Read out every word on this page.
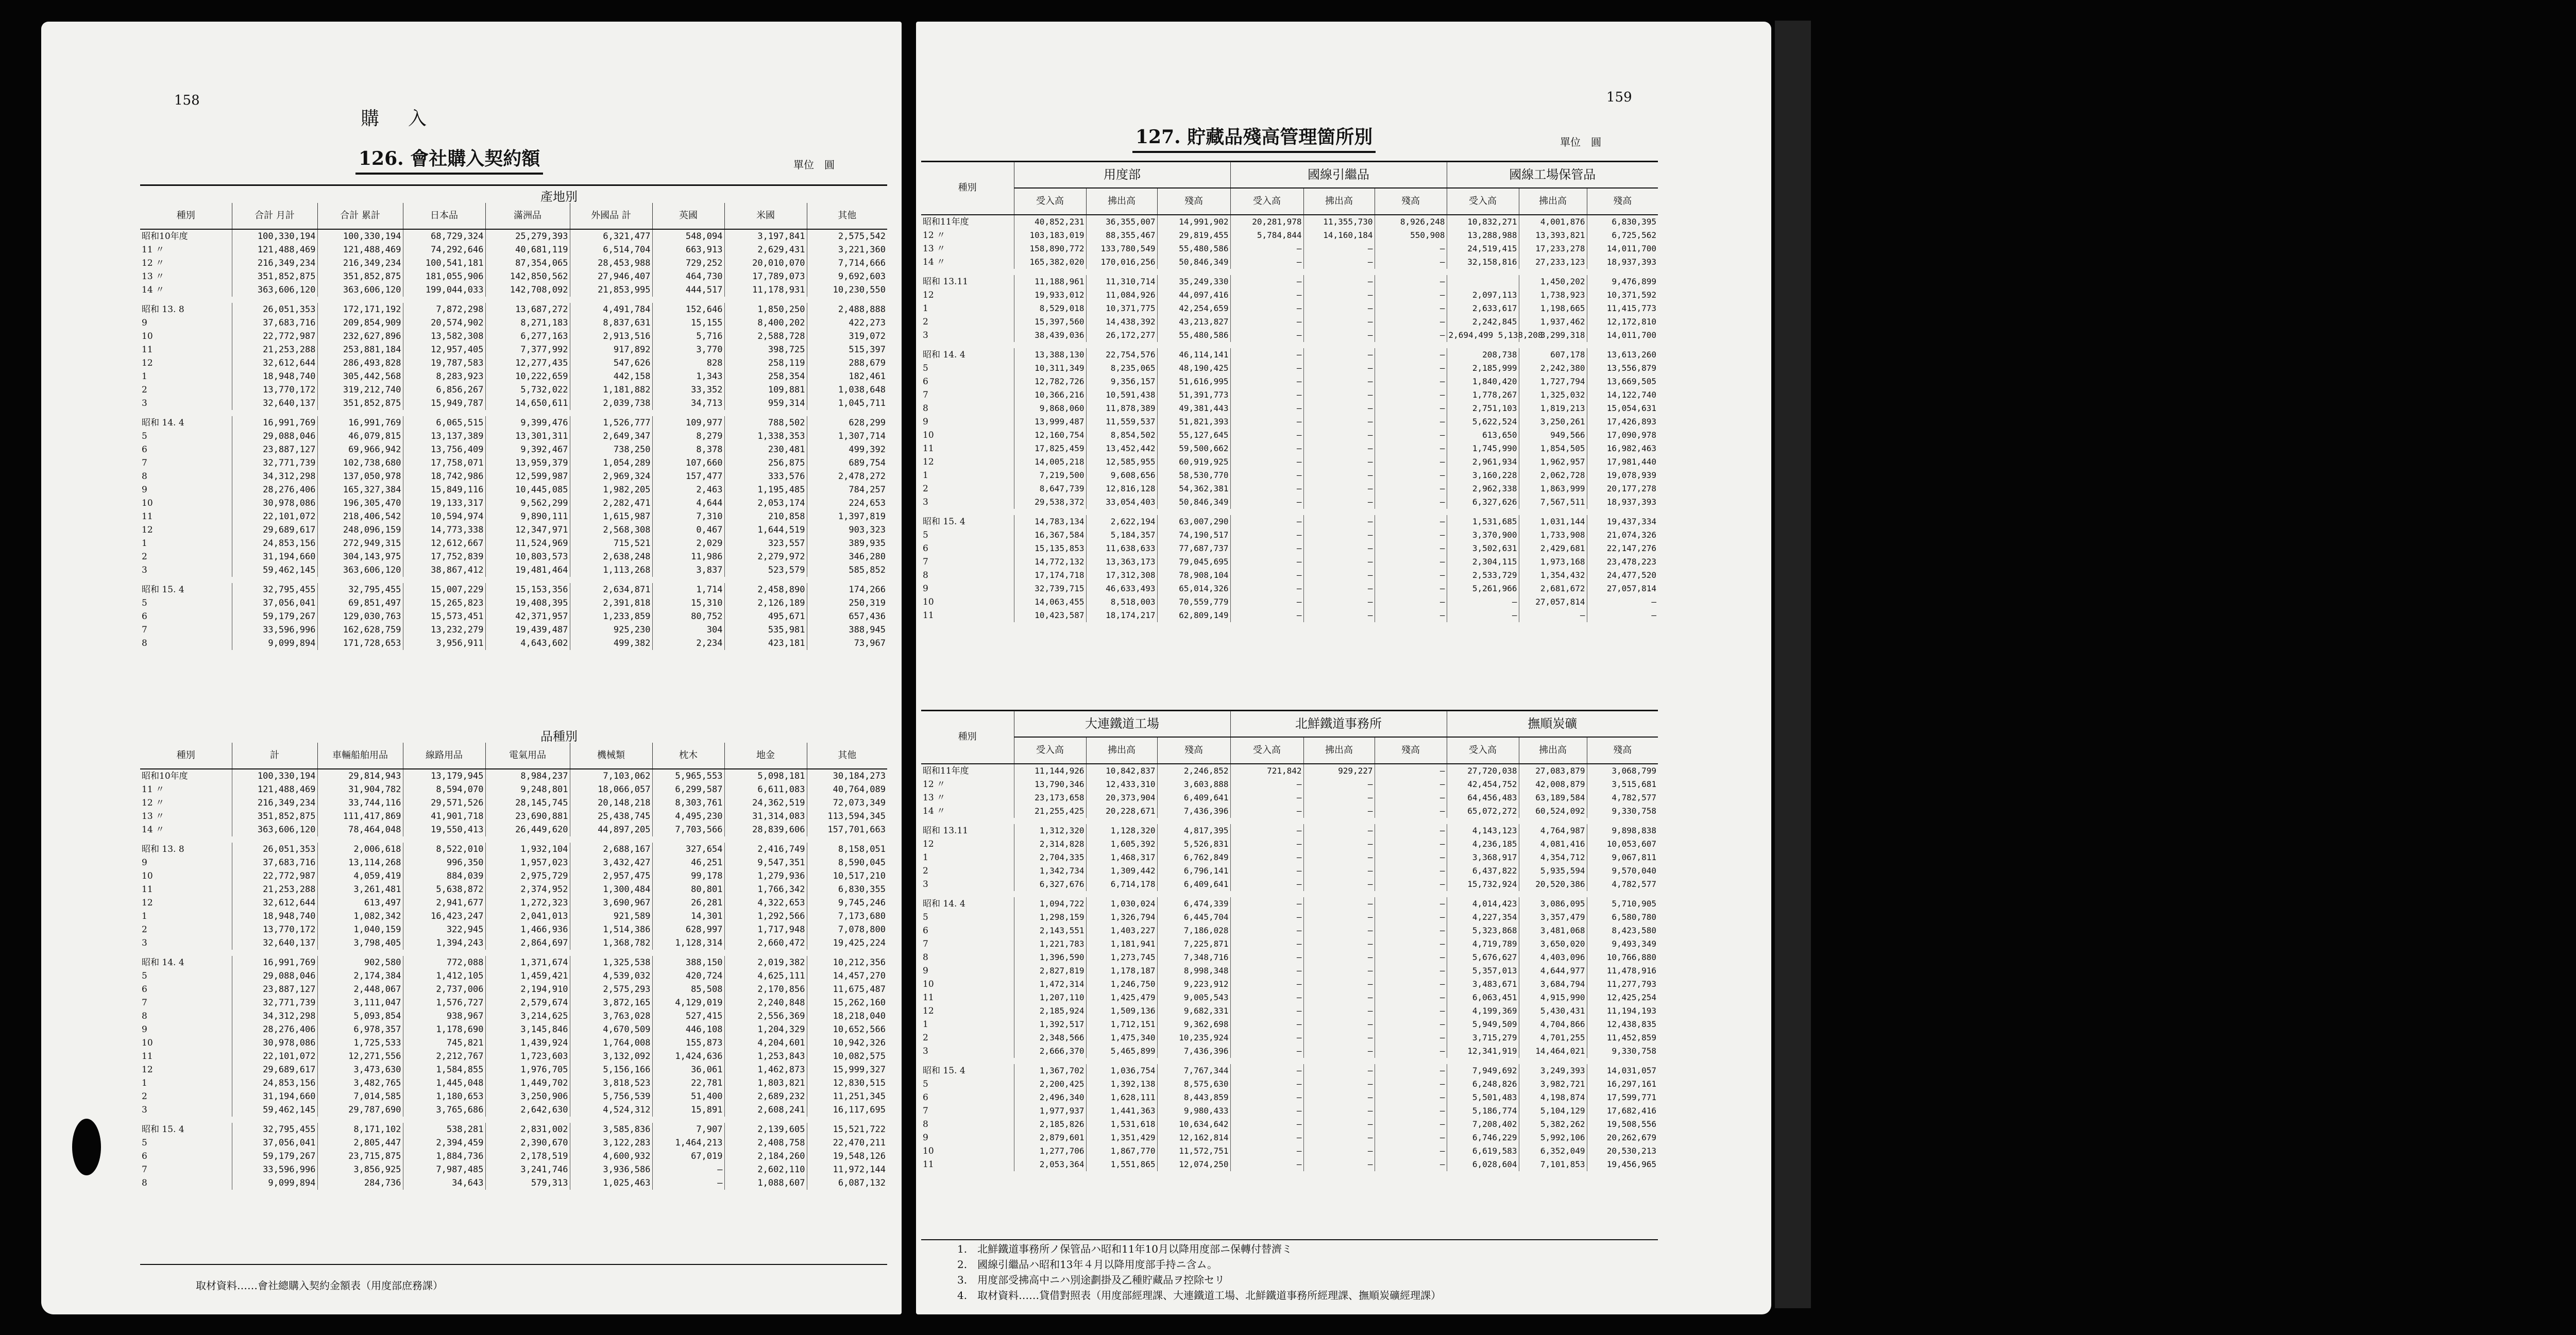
158
購　入
126. 會社購入契約額	單位　圓
產地別
種別	合計 月計	合計 累計	日本品	滿洲品	外國品 計	英國	米國	其他
昭和10年度	100,330,194	100,330,194	68,729,324	25,279,393	6,321,477	548,094	3,197,841	2,575,542
11 〃	121,488,469	121,488,469	74,292,646	40,681,119	6,514,704	663,913	2,629,431	3,221,360
12 〃	216,349,234	216,349,234	100,541,181	87,354,065	28,453,988	729,252	20,010,070	7,714,666
13 〃	351,852,875	351,852,875	181,055,906	142,850,562	27,946,407	464,730	17,789,073	9,692,603
14 〃	363,606,120	363,606,120	199,044,033	142,708,092	21,853,995	444,517	11,178,931	10,230,550

昭和 13. 8	26,051,353	172,171,192	7,872,298	13,687,272	4,491,784	152,646	1,850,250	2,488,888
9	37,683,716	209,854,909	20,574,902	8,271,183	8,837,631	15,155	8,400,202	422,273
10	22,772,987	232,627,896	13,582,308	6,277,163	2,913,516	5,716	2,588,728	319,072
11	21,253,288	253,881,184	12,957,405	7,377,992	917,892	3,770	398,725	515,397
12	32,612,644	286,493,828	19,787,583	12,277,435	547,626	828	258,119	288,679
1	18,948,740	305,442,568	8,283,923	10,222,659	442,158	1,343	258,354	182,461
2	13,770,172	319,212,740	6,856,267	5,732,022	1,181,882	33,352	109,881	1,038,648
3	32,640,137	351,852,875	15,949,787	14,650,611	2,039,738	34,713	959,314	1,045,711

昭和 14. 4	16,991,769	16,991,769	6,065,515	9,399,476	1,526,777	109,977	788,502	628,299
5	29,088,046	46,079,815	13,137,389	13,301,311	2,649,347	8,279	1,338,353	1,307,714
6	23,887,127	69,966,942	13,756,409	9,392,467	738,250	8,378	230,481	499,392
7	32,771,739	102,738,680	17,758,071	13,959,379	1,054,289	107,660	256,875	689,754
8	34,312,298	137,050,978	18,742,986	12,599,987	2,969,324	157,477	333,576	2,478,272
9	28,276,406	165,327,384	15,849,116	10,445,085	1,982,205	2,463	1,195,485	784,257
10	30,978,086	196,305,470	19,133,317	9,562,299	2,282,471	4,644	2,053,174	224,653
11	22,101,072	218,406,542	10,594,974	9,890,111	1,615,987	7,310	210,858	1,397,819
12	29,689,617	248,096,159	14,773,338	12,347,971	2,568,308	0,467	1,644,519	903,323
1	24,853,156	272,949,315	12,612,667	11,524,969	715,521	2,029	323,557	389,935
2	31,194,660	304,143,975	17,752,839	10,803,573	2,638,248	11,986	2,279,972	346,280
3	59,462,145	363,606,120	38,867,412	19,481,464	1,113,268	3,837	523,579	585,852

昭和 15. 4	32,795,455	32,795,455	15,007,229	15,153,356	2,634,871	1,714	2,458,890	174,266
5	37,056,041	69,851,497	15,265,823	19,408,395	2,391,818	15,310	2,126,189	250,319
6	59,179,267	129,030,763	15,573,451	42,371,957	1,233,859	80,752	495,671	657,436
7	33,596,996	162,628,759	13,232,279	19,439,487	925,230	304	535,981	388,945
8	9,099,894	171,728,653	3,956,911	4,643,602	499,382	2,234	423,181	73,967
品種別
種別	計	車輛船舶用品	線路用品	電氣用品	機械類	枕木	地金	其他
昭和10年度	100,330,194	29,814,943	13,179,945	8,984,237	7,103,062	5,965,553	5,098,181	30,184,273
11 〃	121,488,469	31,904,782	8,594,070	9,248,801	18,066,057	6,299,587	6,611,083	40,764,089
12 〃	216,349,234	33,744,116	29,571,526	28,145,745	20,148,218	8,303,761	24,362,519	72,073,349
13 〃	351,852,875	111,417,869	41,901,718	23,690,881	25,438,745	4,495,230	31,314,083	113,594,345
14 〃	363,606,120	78,464,048	19,550,413	26,449,620	44,897,205	7,703,566	28,839,606	157,701,663

昭和 13. 8	26,051,353	2,006,618	8,522,010	1,932,104	2,688,167	327,654	2,416,749	8,158,051
9	37,683,716	13,114,268	996,350	1,957,023	3,432,427	46,251	9,547,351	8,590,045
10	22,772,987	4,059,419	884,039	2,975,729	2,957,475	99,178	1,279,936	10,517,210
11	21,253,288	3,261,481	5,638,872	2,374,952	1,300,484	80,801	1,766,342	6,830,355
12	32,612,644	613,497	2,941,677	1,272,323	3,690,967	26,281	4,322,653	9,745,246
1	18,948,740	1,082,342	16,423,247	2,041,013	921,589	14,301	1,292,566	7,173,680
2	13,770,172	1,040,159	322,945	1,466,936	1,514,386	628,997	1,717,948	7,078,800
3	32,640,137	3,798,405	1,394,243	2,864,697	1,368,782	1,128,314	2,660,472	19,425,224

昭和 14. 4	16,991,769	902,580	772,088	1,371,674	1,325,538	388,150	2,019,382	10,212,356
5	29,088,046	2,174,384	1,412,105	1,459,421	4,539,032	420,724	4,625,111	14,457,270
6	23,887,127	2,448,067	2,737,006	2,194,910	2,575,293	85,508	2,170,856	11,675,487
7	32,771,739	3,111,047	1,576,727	2,579,674	3,872,165	4,129,019	2,240,848	15,262,160
8	34,312,298	5,093,854	938,967	3,214,625	3,763,028	527,415	2,556,369	18,218,040
9	28,276,406	6,978,357	1,178,690	3,145,846	4,670,509	446,108	1,204,329	10,652,566
10	30,978,086	1,725,533	745,821	1,439,924	1,764,008	155,873	4,204,601	10,942,326
11	22,101,072	12,271,556	2,212,767	1,723,603	3,132,092	1,424,636	1,253,843	10,082,575
12	29,689,617	3,473,630	1,584,855	1,976,705	5,156,166	36,061	1,462,873	15,999,327
1	24,853,156	3,482,765	1,445,048	1,449,702	3,818,523	22,781	1,803,821	12,830,515
2	31,194,660	7,014,585	1,180,653	3,250,906	5,756,539	51,400	2,689,232	11,251,345
3	59,462,145	29,787,690	3,765,686	2,642,630	4,524,312	15,891	2,608,241	16,117,695

昭和 15. 4	32,795,455	8,171,102	538,281	2,831,002	3,585,836	7,907	2,139,605	15,521,722
5	37,056,041	2,805,447	2,394,459	2,390,670	3,122,283	1,464,213	2,408,758	22,470,211
6	59,179,267	23,715,875	1,884,736	2,178,519	4,600,932	67,019	2,184,260	19,548,126
7	33,596,996	3,856,925	7,987,485	3,241,746	3,936,586	—	2,602,110	11,972,144
8	9,099,894	284,736	34,643	579,313	1,025,463	—	1,088,607	6,087,132
取材資料……會社總購入契約金額表（用度部庶務課）
159
127. 貯藏品殘高管理箇所別	單位　圓
種別	用度部			國線引繼品			國線工場保管品		
	受入高	拂出高	殘高	受入高	拂出高	殘高	受入高	拂出高	殘高
昭和11年度	40,852,231	36,355,007	14,991,902	20,281,978	11,355,730	8,926,248	10,832,271	4,001,876	6,830,395
12 〃	103,183,019	88,355,467	29,819,455	5,784,844	14,160,184	550,908	13,288,988	13,393,821	6,725,562
13 〃	158,890,772	133,780,549	55,480,586	—	—	—	24,519,415	17,233,278	14,011,700
14 〃	165,382,020	170,016,256	50,846,349	—	—	—	32,158,816	27,233,123	18,937,393

昭和 13.11	11,188,961	11,310,714	35,249,330	—	—	—		1,450,202	9,476,899
12	19,933,012	11,084,926	44,097,416	—	—	—	2,097,113	1,738,923	10,371,592
1	8,529,018	10,371,775	42,254,659	—	—	—	2,633,617	1,198,665	11,415,773
2	15,397,560	14,438,392	43,213,827	—	—	—	2,242,845	1,937,462	12,172,810
3	38,439,036	26,172,277	55,480,586	—	—	—	2,694,499 5,138,208	3,299,318	14,011,700

昭和 14. 4	13,388,130	22,754,576	46,114,141	—	—	—	208,738	607,178	13,613,260
5	10,311,349	8,235,065	48,190,425	—	—	—	2,185,999	2,242,380	13,556,879
6	12,782,726	9,356,157	51,616,995	—	—	—	1,840,420	1,727,794	13,669,505
7	10,366,216	10,591,438	51,391,773	—	—	—	1,778,267	1,325,032	14,122,740
8	9,868,060	11,878,389	49,381,443	—	—	—	2,751,103	1,819,213	15,054,631
9	13,999,487	11,559,537	51,821,393	—	—	—	5,622,524	3,250,261	17,426,893
10	12,160,754	8,854,502	55,127,645	—	—	—	613,650	949,566	17,090,978
11	17,825,459	13,452,442	59,500,662	—	—	—	1,745,990	1,854,505	16,982,463
12	14,005,218	12,585,955	60,919,925	—	—	—	2,961,934	1,962,957	17,981,440
1	7,219,500	9,608,656	58,530,770	—	—	—	3,160,228	2,062,728	19,078,939
2	8,647,739	12,816,128	54,362,381	—	—	—	2,962,338	1,863,999	20,177,278
3	29,538,372	33,054,403	50,846,349	—	—	—	6,327,626	7,567,511	18,937,393

昭和 15. 4	14,783,134	2,622,194	63,007,290	—	—	—	1,531,685	1,031,144	19,437,334
5	16,367,584	5,184,357	74,190,517	—	—	—	3,370,900	1,733,908	21,074,326
6	15,135,853	11,638,633	77,687,737	—	—	—	3,502,631	2,429,681	22,147,276
7	14,772,132	13,363,173	79,045,695	—	—	—	2,304,115	1,973,168	23,478,223
8	17,174,718	17,312,308	78,908,104	—	—	—	2,533,729	1,354,432	24,477,520
9	32,739,715	46,633,493	65,014,326	—	—	—	5,261,966	2,681,672	27,057,814
10	14,063,455	8,518,003	70,559,779	—	—	—	—	27,057,814	—
11	10,423,587	18,174,217	62,809,149	—	—	—	—	—	—
種別	大連鐵道工場			北鮮鐵道事務所			撫順炭礦		
	受入高	拂出高	殘高	受入高	拂出高	殘高	受入高	拂出高	殘高
昭和11年度	11,144,926	10,842,837	2,246,852	721,842	929,227	—	27,720,038	27,083,879	3,068,799
12 〃	13,790,346	12,433,310	3,603,888	—	—	—	42,454,752	42,008,879	3,515,681
13 〃	23,173,658	20,373,904	6,409,641	—	—	—	64,456,483	63,189,584	4,782,577
14 〃	21,255,425	20,228,671	7,436,396	—	—	—	65,072,272	60,524,092	9,330,758

昭和 13.11	1,312,320	1,128,320	4,817,395	—	—	—	4,143,123	4,764,987	9,898,838
12	2,314,828	1,605,392	5,526,831	—	—	—	4,236,185	4,081,416	10,053,607
1	2,704,335	1,468,317	6,762,849	—	—	—	3,368,917	4,354,712	9,067,811
2	1,342,734	1,309,442	6,796,141	—	—	—	6,437,822	5,935,594	9,570,040
3	6,327,676	6,714,178	6,409,641	—	—	—	15,732,924	20,520,386	4,782,577

昭和 14. 4	1,094,722	1,030,024	6,474,339	—	—	—	4,014,423	3,086,095	5,710,905
5	1,298,159	1,326,794	6,445,704	—	—	—	4,227,354	3,357,479	6,580,780
6	2,143,551	1,403,227	7,186,028	—	—	—	5,323,868	3,481,068	8,423,580
7	1,221,783	1,181,941	7,225,871	—	—	—	4,719,789	3,650,020	9,493,349
8	1,396,590	1,273,745	7,348,716	—	—	—	5,676,627	4,403,096	10,766,880
9	2,827,819	1,178,187	8,998,348	—	—	—	5,357,013	4,644,977	11,478,916
10	1,472,314	1,246,750	9,223,912	—	—	—	3,483,671	3,684,794	11,277,793
11	1,207,110	1,425,479	9,005,543	—	—	—	6,063,451	4,915,990	12,425,254
12	2,185,924	1,509,136	9,682,331	—	—	—	4,199,369	5,430,431	11,194,193
1	1,392,517	1,712,151	9,362,698	—	—	—	5,949,509	4,704,866	12,438,835
2	2,348,566	1,475,340	10,235,924	—	—	—	3,715,279	4,701,255	11,452,859
3	2,666,370	5,465,899	7,436,396	—	—	—	12,341,919	14,464,021	9,330,758

昭和 15. 4	1,367,702	1,036,754	7,767,344	—	—	—	7,949,692	3,249,393	14,031,057
5	2,200,425	1,392,138	8,575,630	—	—	—	6,248,826	3,982,721	16,297,161
6	2,496,340	1,628,111	8,443,859	—	—	—	5,501,483	4,198,874	17,599,771
7	1,977,937	1,441,363	9,980,433	—	—	—	5,186,774	5,104,129	17,682,416
8	2,185,826	1,531,618	10,634,642	—	—	—	7,208,402	5,382,262	19,508,556
9	2,879,601	1,351,429	12,162,814	—	—	—	6,746,229	5,992,106	20,262,679
10	1,277,706	1,867,770	11,572,751	—	—	—	6,619,583	6,352,049	20,530,213
11	2,053,364	1,551,865	12,074,250	—	—	—	6,028,604	7,101,853	19,456,965
1.　北鮮鐵道事務所ノ保管品ハ昭和11年10月以降用度部ニ保轉付替濟ミ
2.　國線引繼品ハ昭和13年４月以降用度部手持ニ含ム。
3.　用度部受拂高中ニハ別途劃掛及乙種貯藏品ヲ控除セリ
4.　取材資料……貸借對照表（用度部經理課、大連鐵道工場、北鮮鐵道事務所經理課、撫順炭礦經理課）
